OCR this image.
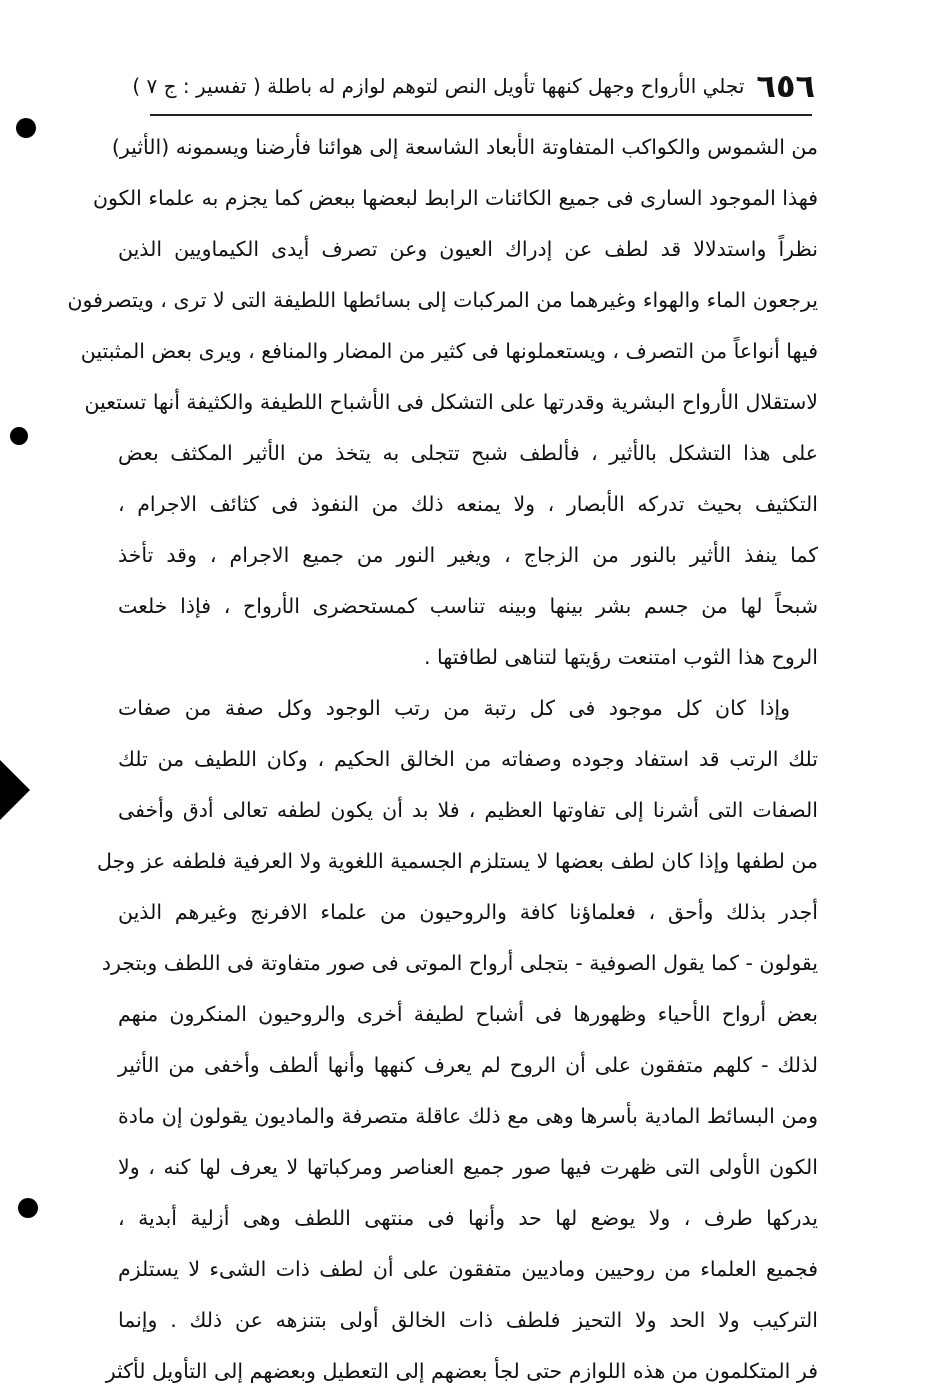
٦٥٦
تجلي الأرواح وجهل كنهها تأويل النص لتوهم لوازم له باطلة ( تفسير : ج ٧ )
من الشموس والكواكب المتفاوتة الأبعاد الشاسعة إلى هوائنا فأرضنا ويسمونه (الأثير)
فهذا الموجود السارى فى جميع الكائنات الرابط لبعضها ببعض كما يجزم به علماء الكون
نظراً واستدلالا قد لطف عن إدراك العيون وعن تصرف أيدى الكيماويين الذين
يرجعون الماء والهواء وغيرهما من المركبات إلى بسائطها اللطيفة التى لا ترى ، ويتصرفون
فيها أنواعاً من التصرف ، ويستعملونها فى كثير من المضار والمنافع ، ويرى بعض المثبتين
لاستقلال الأرواح البشرية وقدرتها على التشكل فى الأشباح اللطيفة والكثيفة أنها تستعين
على هذا التشكل بالأثير ، فألطف شبح تتجلى به يتخذ من الأثير المكثف بعض
التكثيف بحيث تدركه الأبصار ، ولا يمنعه ذلك من النفوذ فى كثائف الاجرام ،
كما ينفذ الأثير بالنور من الزجاج ، ويغير النور من جميع الاجرام ، وقد تأخذ
شبحاً لها من جسم بشر بينها وبينه تناسب كمستحضرى الأرواح ، فإذا خلعت
الروح هذا الثوب امتنعت رؤيتها لتناهى لطافتها .
وإذا كان كل موجود فى كل رتبة من رتب الوجود وكل صفة من صفات
تلك الرتب قد استفاد وجوده وصفاته من الخالق الحكيم ، وكان اللطيف من تلك
الصفات التى أشرنا إلى تفاوتها العظيم ، فلا بد أن يكون لطفه تعالى أدق وأخفى
من لطفها وإذا كان لطف بعضها لا يستلزم الجسمية اللغوية ولا العرفية فلطفه عز وجل
أجدر بذلك وأحق ، فعلماؤنا كافة والروحيون من علماء الافرنج وغيرهم الذين
يقولون - كما يقول الصوفية - بتجلى أرواح الموتى فى صور متفاوتة فى اللطف وبتجرد
بعض أرواح الأحياء وظهورها فى أشباح لطيفة أخرى والروحيون المنكرون منهم
لذلك - كلهم متفقون على أن الروح لم يعرف كنهها وأنها ألطف وأخفى من الأثير
ومن البسائط المادية بأسرها وهى مع ذلك عاقلة متصرفة والماديون يقولون إن مادة
الكون الأولى التى ظهرت فيها صور جميع العناصر ومركباتها لا يعرف لها كنه ، ولا
يدركها طرف ، ولا يوضع لها حد وأنها فى منتهى اللطف وهى أزلية أبدية ،
فجميع العلماء من روحيين وماديين متفقون على أن لطف ذات الشىء لا يستلزم
التركيب ولا الحد ولا التحيز فلطف ذات الخالق أولى بتنزهه عن ذلك . وإنما
فر المتكلمون من هذه اللوازم حتى لجأ بعضهم إلى التعطيل وبعضهم إلى التأويل لأكثر
